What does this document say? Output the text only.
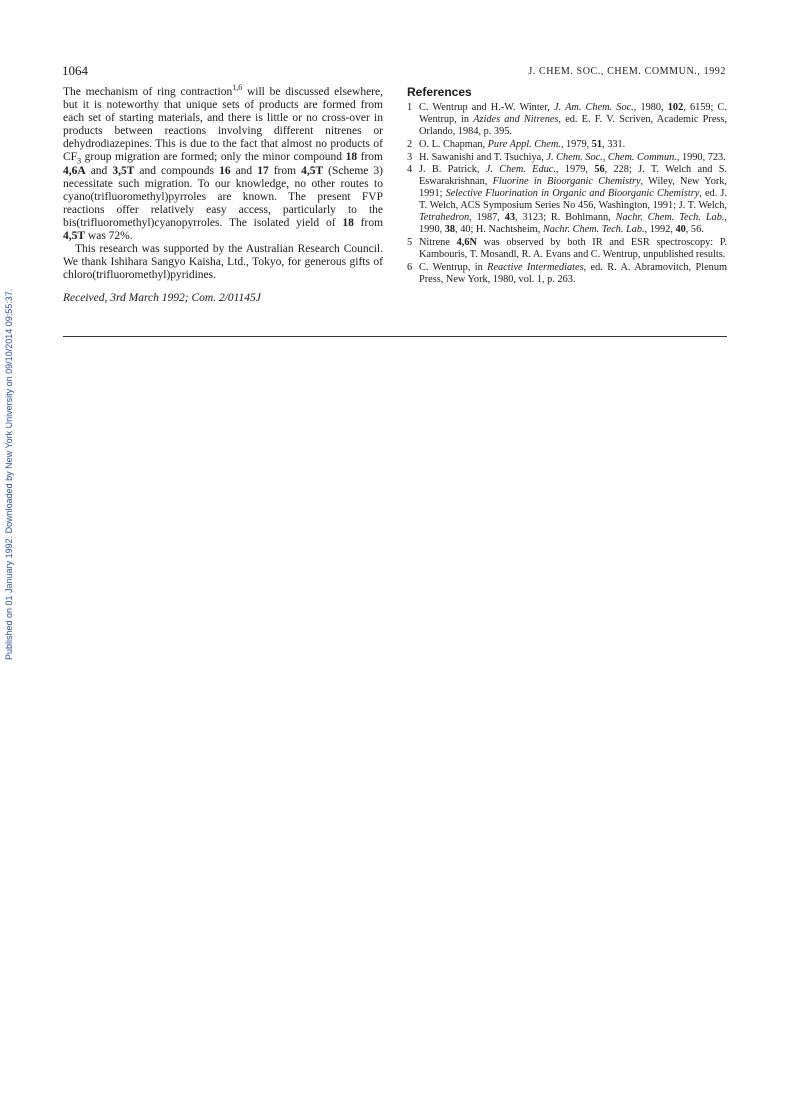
Published on 01 January 1992. Downloaded by New York University on 09/10/2014 09:55:37.
1064	J. CHEM. SOC., CHEM. COMMUN., 1992

The mechanism of ring contraction$^{1,6}$ will be discussed elsewhere, but it is noteworthy that unique sets of products are formed from each set of starting materials, and there is little or no cross-over in products between reactions involving different nitrenes or dehydrodiazepines. This is due to the fact that almost no products of $CF_3$ group migration are formed; only the minor compound 18 from 4,6A and 3,5T and compounds 16 and 17 from 4,5T (Scheme 3) necessitate such migration. To our knowledge, no other routes to cyano(trifluoromethyl)pyrroles are known. The present FVP reactions offer relatively easy access, particularly to the bis(trifluoromethyl)cyanopyrroles. The isolated yield of 18 from 4,5T was 72%.

This research was supported by the Australian Research Council. We thank Ishihara Sangyo Kaisha, Ltd., Tokyo, for generous gifts of chloro(trifluoromethyl)pyridines.

Received, 3rd March 1992; Com. 2/01145J

References
1 C. Wentrup and H.-W. Winter, J. Am. Chem. Soc., 1980, 102, 6159; C. Wentrup, in Azides and Nitrenes, ed. E. F. V. Scriven, Academic Press, Orlando, 1984, p. 395.
2 O. L. Chapman, Pure Appl. Chem., 1979, 51, 331.
3 H. Sawanishi and T. Tsuchiya, J. Chem. Soc., Chem. Commun., 1990, 723.
4 J. B. Patrick, J. Chem. Educ., 1979, 56, 228; J. T. Welch and S. Eswarakrishnan, Fluorine in Bioorganic Chemistry, Wiley, New York, 1991; Selective Fluorination in Organic and Bioorganic Chemistry, ed. J. T. Welch, ACS Symposium Series No 456, Washington, 1991; J. T. Welch, Tetrahedron, 1987, 43, 3123; R. Bohlmann, Nachr. Chem. Tech. Lab., 1990, 38, 40; H. Nachtsheim, Nachr. Chem. Tech. Lab., 1992, 40, 56.
5 Nitrene 4,6N was observed by both IR and ESR spectroscopy: P. Kambouris, T. Mosandl, R. A. Evans and C. Wentrup, unpublished results.
6 C. Wentrup, in Reactive Intermediates, ed. R. A. Abramovitch, Plenum Press, New York, 1980, vol. 1, p. 263.
